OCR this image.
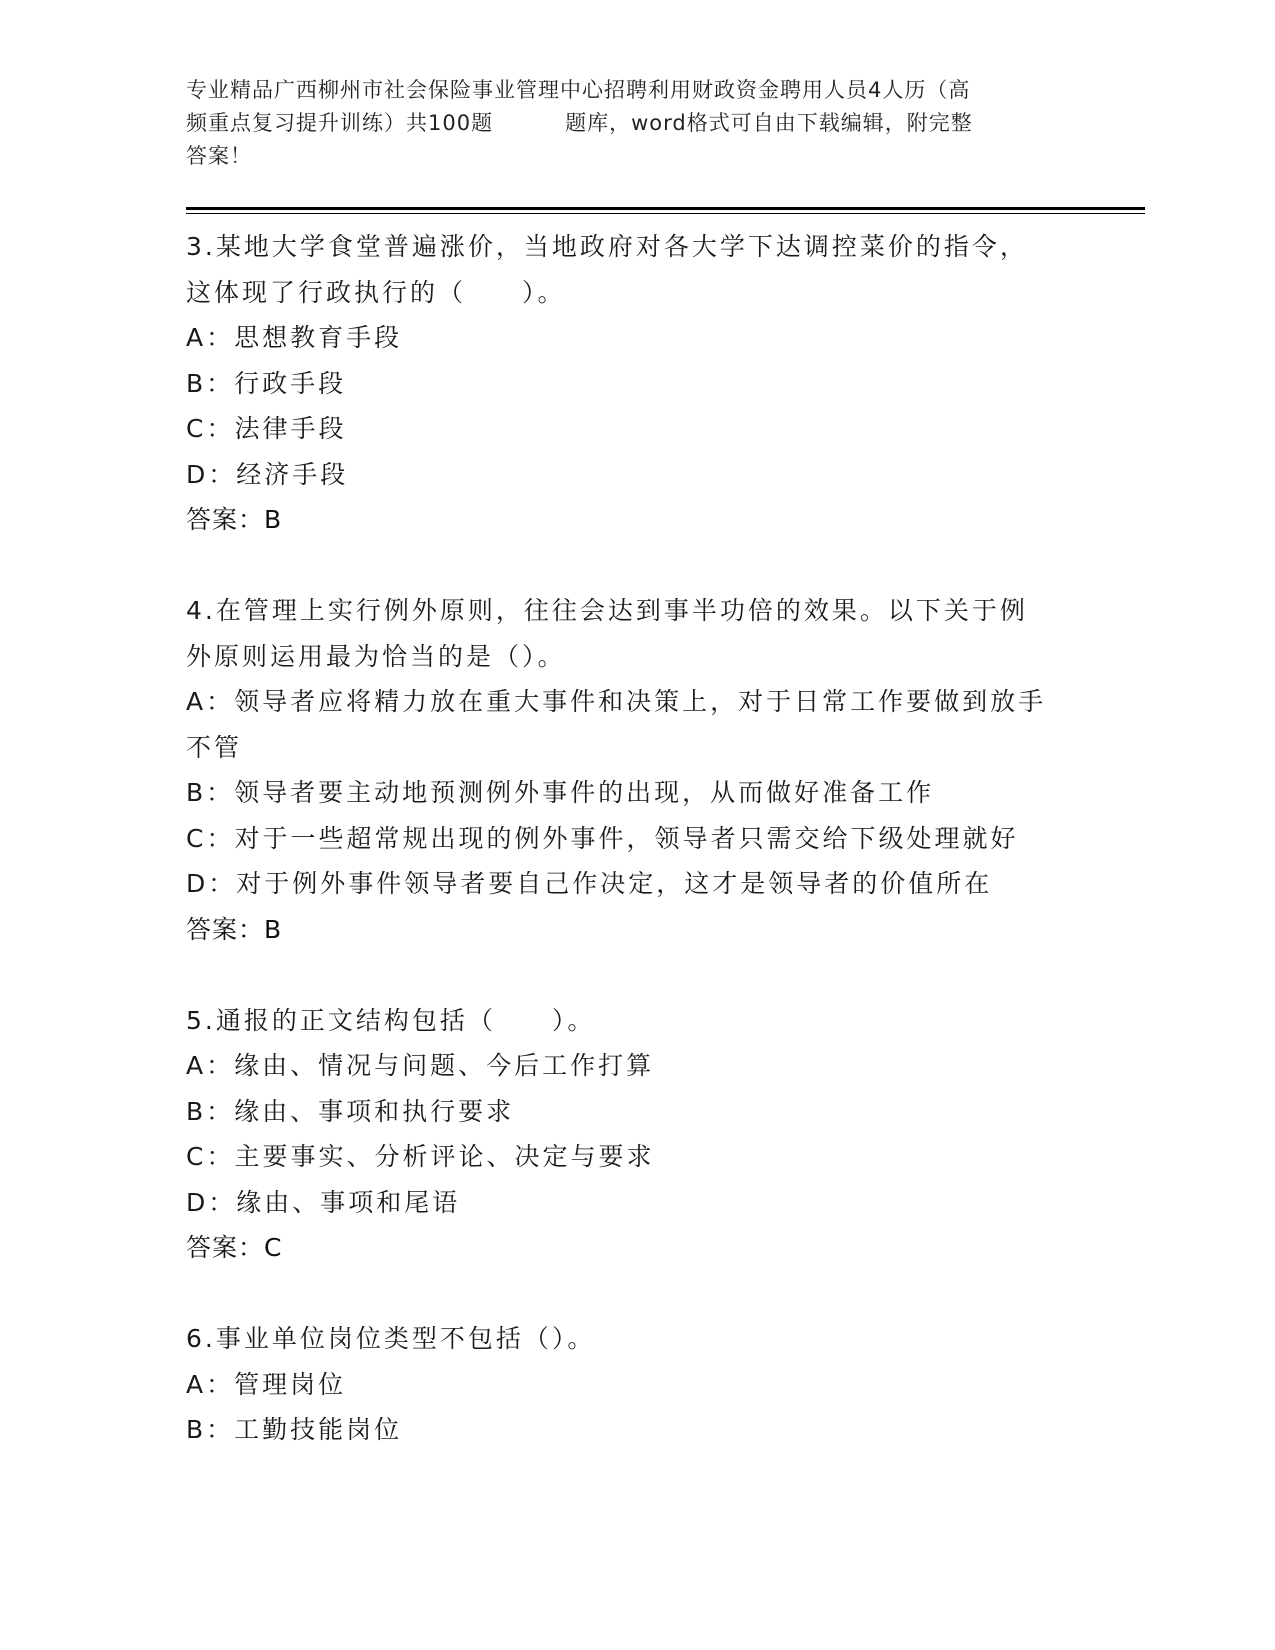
专业精品广西柳州市社会保险事业管理中心招聘利用财政资金聘用人员4人历（高
频重点复习提升训练）共100题	题库，word格式可自由下载编辑，附完整
答案！
3.某地大学食堂普遍涨价，当地政府对各大学下达调控菜价的指令，
这体现了行政执行的（　　）。
A：思想教育手段
B：行政手段
C：法律手段
D：经济手段
答案：B
4.在管理上实行例外原则，往往会达到事半功倍的效果。以下关于例
外原则运用最为恰当的是（）。
A：领导者应将精力放在重大事件和决策上，对于日常工作要做到放手
不管
B：领导者要主动地预测例外事件的出现，从而做好准备工作
C：对于一些超常规出现的例外事件，领导者只需交给下级处理就好
D：对于例外事件领导者要自己作决定，这才是领导者的价值所在
答案：B
5.通报的正文结构包括（　　）。
A：缘由、情况与问题、今后工作打算
B：缘由、事项和执行要求
C：主要事实、分析评论、决定与要求
D：缘由、事项和尾语
答案：C
6.事业单位岗位类型不包括（）。
A：管理岗位
B：工勤技能岗位
